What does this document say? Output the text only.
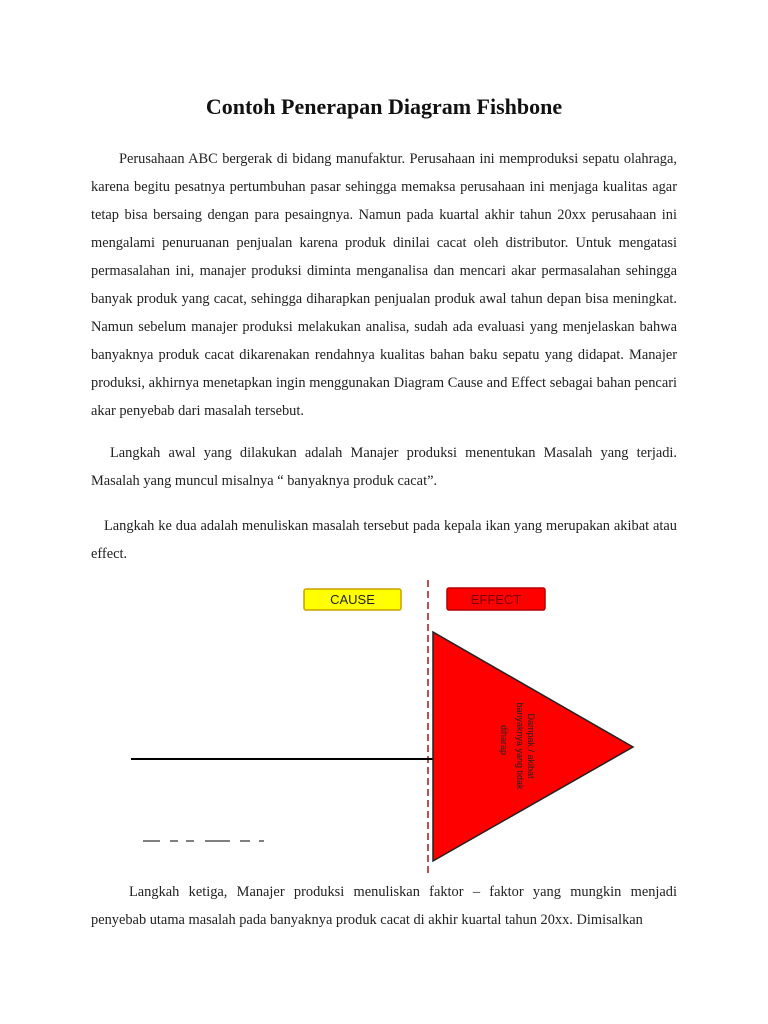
Contoh Penerapan Diagram Fishbone

Perusahaan ABC bergerak di bidang manufaktur. Perusahaan ini memproduksi sepatu olahraga, karena begitu pesatnya pertumbuhan pasar sehingga memaksa perusahaan ini menjaga kualitas agar tetap bisa bersaing dengan para pesaingnya. Namun pada kuartal akhir tahun 20xx perusahaan ini mengalami penuruanan penjualan karena produk dinilai cacat oleh distributor. Untuk mengatasi permasalahan ini, manajer produksi diminta menganalisa dan mencari akar permasalahan sehingga banyak produk yang cacat, sehingga diharapkan penjualan produk awal tahun depan bisa meningkat. Namun sebelum manajer produksi melakukan analisa, sudah ada evaluasi yang menjelaskan bahwa banyaknya produk cacat dikarenakan rendahnya kualitas bahan baku sepatu yang didapat. Manajer produksi, akhirnya menetapkan ingin menggunakan Diagram Cause and Effect sebagai bahan pencari akar penyebab dari masalah tersebut.

Langkah awal yang dilakukan adalah Manajer produksi menentukan Masalah yang terjadi. Masalah yang muncul misalnya “ banyaknya produk cacat”.

Langkah ke dua adalah menuliskan masalah tersebut pada kepala ikan yang merupakan akibat atau effect.

CAUSE	EFFECT
Dampak / akibat
banyaknya yang tidak
diharap

Langkah ketiga, Manajer produksi menuliskan faktor – faktor yang mungkin menjadi penyebab utama masalah pada banyaknya produk cacat di akhir kuartal tahun 20xx. Dimisalkan
